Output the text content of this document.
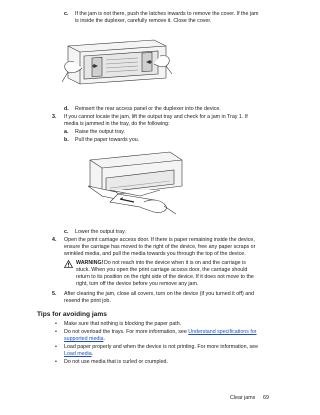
c. If the jam is not there, push the latches inwards to remove the cover. If the jam
is inside the duplexer, carefully remove it. Close the cover.
d. Reinsert the rear access panel or the duplexer into the device.
3. If you cannot locate the jam, lift the output tray and check for a jam in Tray 1. If
media is jammed in the tray, do the following:
a. Raise the output tray.
b. Pull the paper towards you.
c. Lower the output tray.
4. Open the print carriage access door. If there is paper remaining inside the device,
ensure the carriage has moved to the right of the device, free any paper scraps or
wrinkled media, and pull the media towards you through the top of the device.
WARNING! Do not reach into the device when it is on and the carriage is
stuck. When you open the print carriage access door, the carriage should
return to its position on the right side of the device. If it does not move to the
right, turn off the device before you remove any jam.
5. After clearing the jam, close all covers, turn on the device (if you turned it off) and
resend the print job.
Tips for avoiding jams
• Make sure that nothing is blocking the paper path.
• Do not overload the trays. For more information, see Understand specifications for
supported media.
• Load paper properly and when the device is not printing. For more information, see
Load media.
• Do not use media that is curled or crumpled.
Clear jams 69
